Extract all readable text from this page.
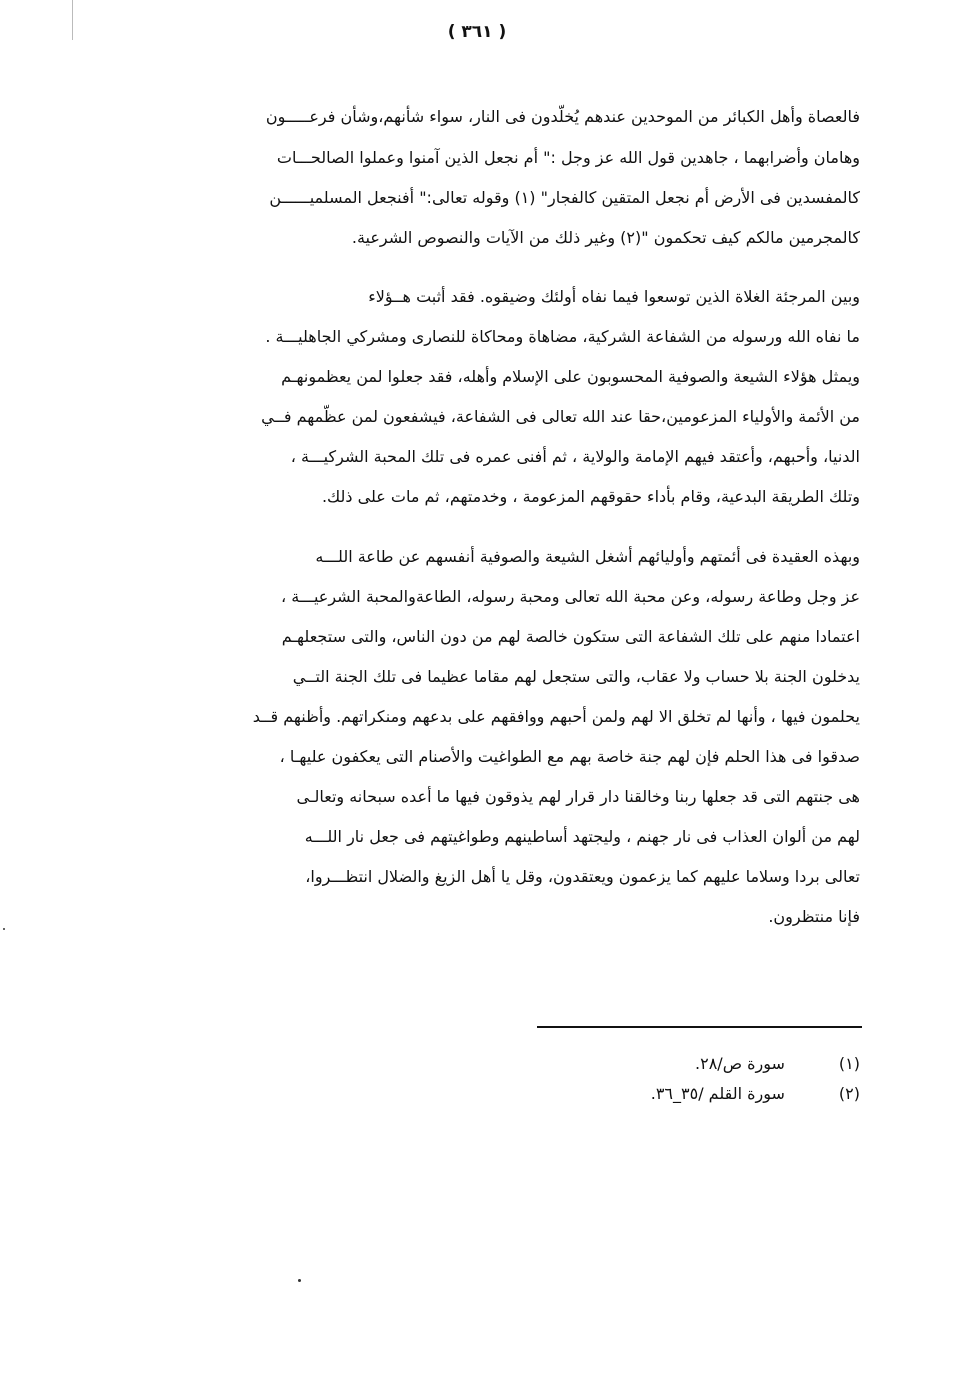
( ٣٦١ )
فالعصاة وأهل الكبائر من الموحدين عندهم يُخلّدون فى النار، سواء شأنهم،وشأن فرعـــــون
وهامان وأضرابهما ، جاهدين قول الله عز وجل :" أم نجعل الذين آمنوا وعملوا الصالحـــات
كالمفسدين فى الأرض أم نجعل المتقين كالفجار" (١) وقوله تعالى:" أفنجعل المسلميــــــن
كالمجرمين مالكم كيف تحكمون "(٢) وغير ذلك من الآيات والنصوص الشرعية.
وبين المرجئة الغلاة الذين توسعوا فيما نفاه أولئك وضيقوه. فقد أثبت هــؤلاء
ما نفاه الله ورسوله من الشفاعة الشركية، مضاهاة ومحاكاة للنصارى ومشركي الجاهليـــة .
ويمثل هؤلاء الشيعة والصوفية المحسوبون على الإسلام وأهله، فقد جعلوا لمن يعظمونهـم
من الأئمة والأولياء المزعومين،حقا عند الله تعالى فى الشفاعة، فيشفعون لمن عظّمهم فــي
الدنيا، وأحبهم، وأعتقد فيهم الإمامة والولاية ، ثم أفنى عمره فى تلك المحبة الشركيـــة ،
وتلك الطريقة البدعية، وقام بأداء حقوقهم المزعومة ، وخدمتهم، ثم مات على ذلك.
وبهذه العقيدة فى أئمتهم وأوليائهم أشغل الشيعة والصوفية أنفسهم عن طاعة اللـــه
عز وجل وطاعة رسوله، وعن محبة الله تعالى ومحبة رسوله، الطاعةوالمحبة الشرعيـــة ،
اعتمادا منهم على تلك الشفاعة التى ستكون خالصة لهم من دون الناس، والتى ستجعلهـم
يدخلون الجنة بلا حساب ولا عقاب، والتى ستجعل لهم مقاما عظيما فى تلك الجنة التــي
يحلمون فيها ، وأنها لم تخلق الا لهم ولمن أحبهم ووافقهم على بدعهم ومنكراتهم. وأظنهم قــد
صدقوا فى هذا الحلم فإن لهم جنة خاصة بهم مع الطواغيت والأصنام التى يعكفون عليهـا ،
هى جنتهم التى قد جعلها ربنا وخالقنا دار قرار لهم يذوقون فيها ما أعده سبحانه وتعالـى
لهم من ألوان العذاب فى نار جهنم ، وليجتهد أساطينهم وطواغيتهم فى جعل نار اللـــه
تعالى بردا وسلاما عليهم كما يزعمون ويعتقدون، وقل يا أهل الزيغ والضلال انتظـــروا،
فإنا منتظرون.
(١) سورة ص/٢٨.
(٢) سورة القلم /٣٥_٣٦.
